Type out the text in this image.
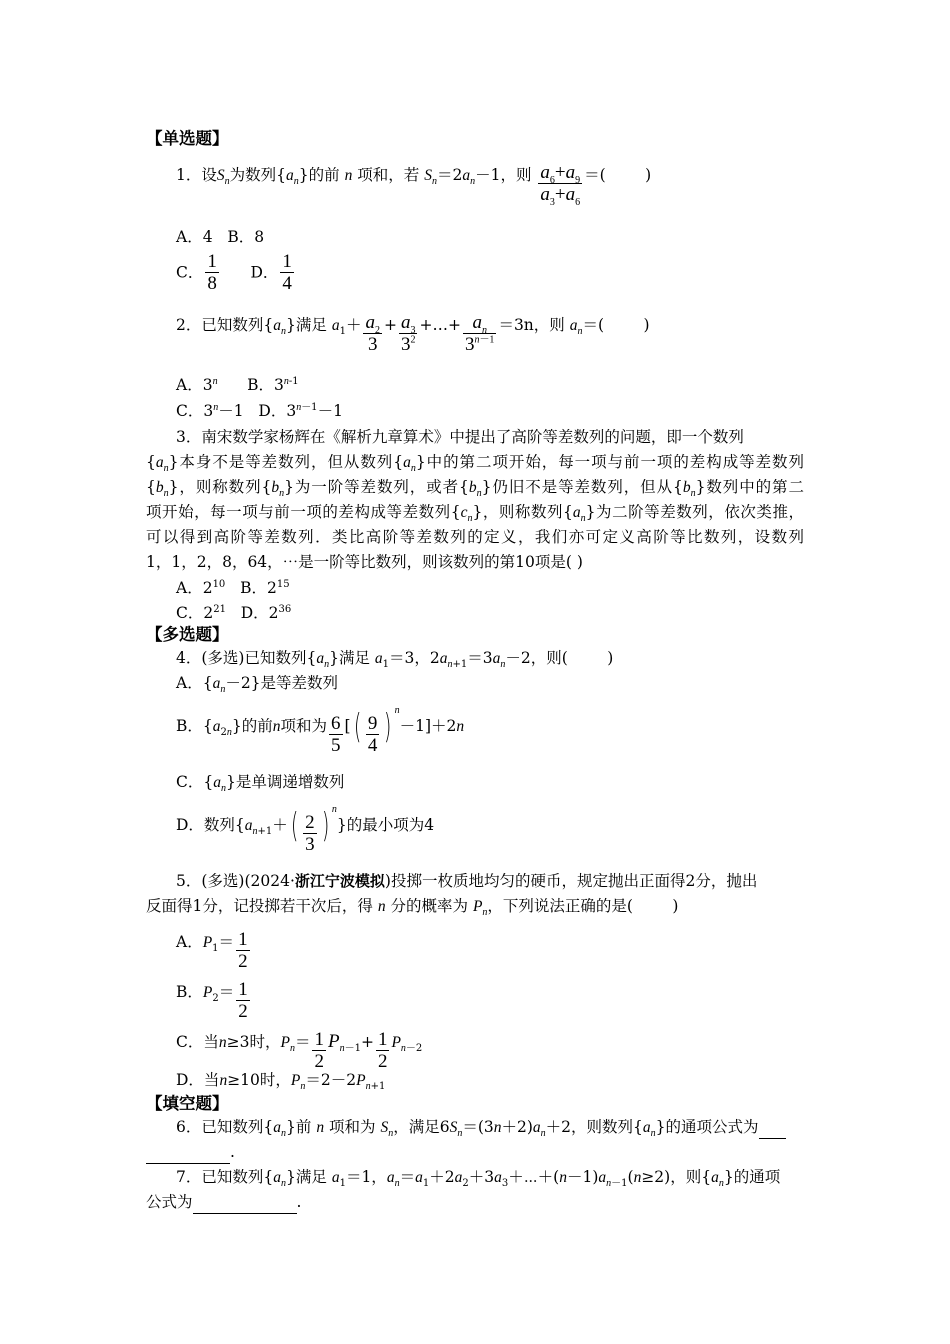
【单选题】
1．设$S_n$为数列$\{a_n\}$的前 n 项和，若 $S_n=2a_n-1$，则 $\frac{a_6+a_9}{a_3+a_6}$ ＝(	)
A．4 B．8
C． $\frac{1}{8}$ D． $\frac{1}{4}$
2．已知数列$\{a_n\}$满足 $a_1+ \frac{a_2}{3} + \frac{a_3}{3^2}$ +…+ $\frac{a_n}{3^{n-1}} =3n$，则 $a_n=$(	)
A．3$^n$ B．3$^{n-1}$
C．$3^n-1$ D．$3^{n-1}-1$
3．南宋数学家杨辉在《解析九章算术》中提出了高阶等差数列的问题，即一个数列
$\{a_n\}$本身不是等差数列，但从数列$\{a_n\}$中的第二项开始，每一项与前一项的差构成等差数列
$\{b_n\}$，则称数列$\{b_n\}$为一阶等差数列，或者$\{b_n\}$仍旧不是等差数列，但从$\{b_n\}$数列中的第二
项开始，每一项与前一项的差构成等差数列$\{c_n\}$，则称数列$\{a_n\}$为二阶等差数列，依次类推，
可以得到高阶等差数列．类比高阶等差数列的定义，我们亦可定义高阶等比数列，设数列
1，1，2，8，64，⋯是一阶等比数列，则该数列的第10项是( )
A．$2^{10}$ B．$2^{15}$
C．$2^{21}$ D．$2^{36}$
【多选题】
4．(多选)已知数列$\{a_n\}$满足 $a_1=3$，$2a_{n+1}=3a_n-2$，则(	)
A．$\{a_n-2\}$是等差数列
B．$\{a_{2n}\}$的前n项和为 $\frac{6}{5}$ [( $\frac{9}{4}$ ) $^n$－1]＋2n
C．$\{a_n\}$是单调递增数列
D．数列{$a_{n+1}+( \frac{2}{3}$ ) $^n$}的最小项为4
5．(多选)(2024·浙江宁波模拟)投掷一枚质地均匀的硬币，规定抛出正面得2分，抛出
反面得1分，记投掷若干次后，得 n 分的概率为 $P_n$，下列说法正确的是(	)
A．$P_1= \frac{1}{2}$
B．$P_2= \frac{1}{2}$
C．当n≥3时，$P_n= \frac{1}{2} P_{n-1}+ \frac{1}{2} P_{n-2}$
D．当n≥10时，$P_n=2-2P_{n+1}$
【填空题】
6．已知数列$\{a_n\}$前 n 项和为 $S_n$，满足$6S_n=(3n+2)a_n+2$，则数列$\{a_n\}$的通项公式为
.
7．已知数列$\{a_n\}$满足 $a_1=1$，$a_n=a_1+2a_2+3a_3+\cdots+(n-1)a_{n-1}(n\ge 2)$，则$\{a_n\}$的通项
公式为	.
